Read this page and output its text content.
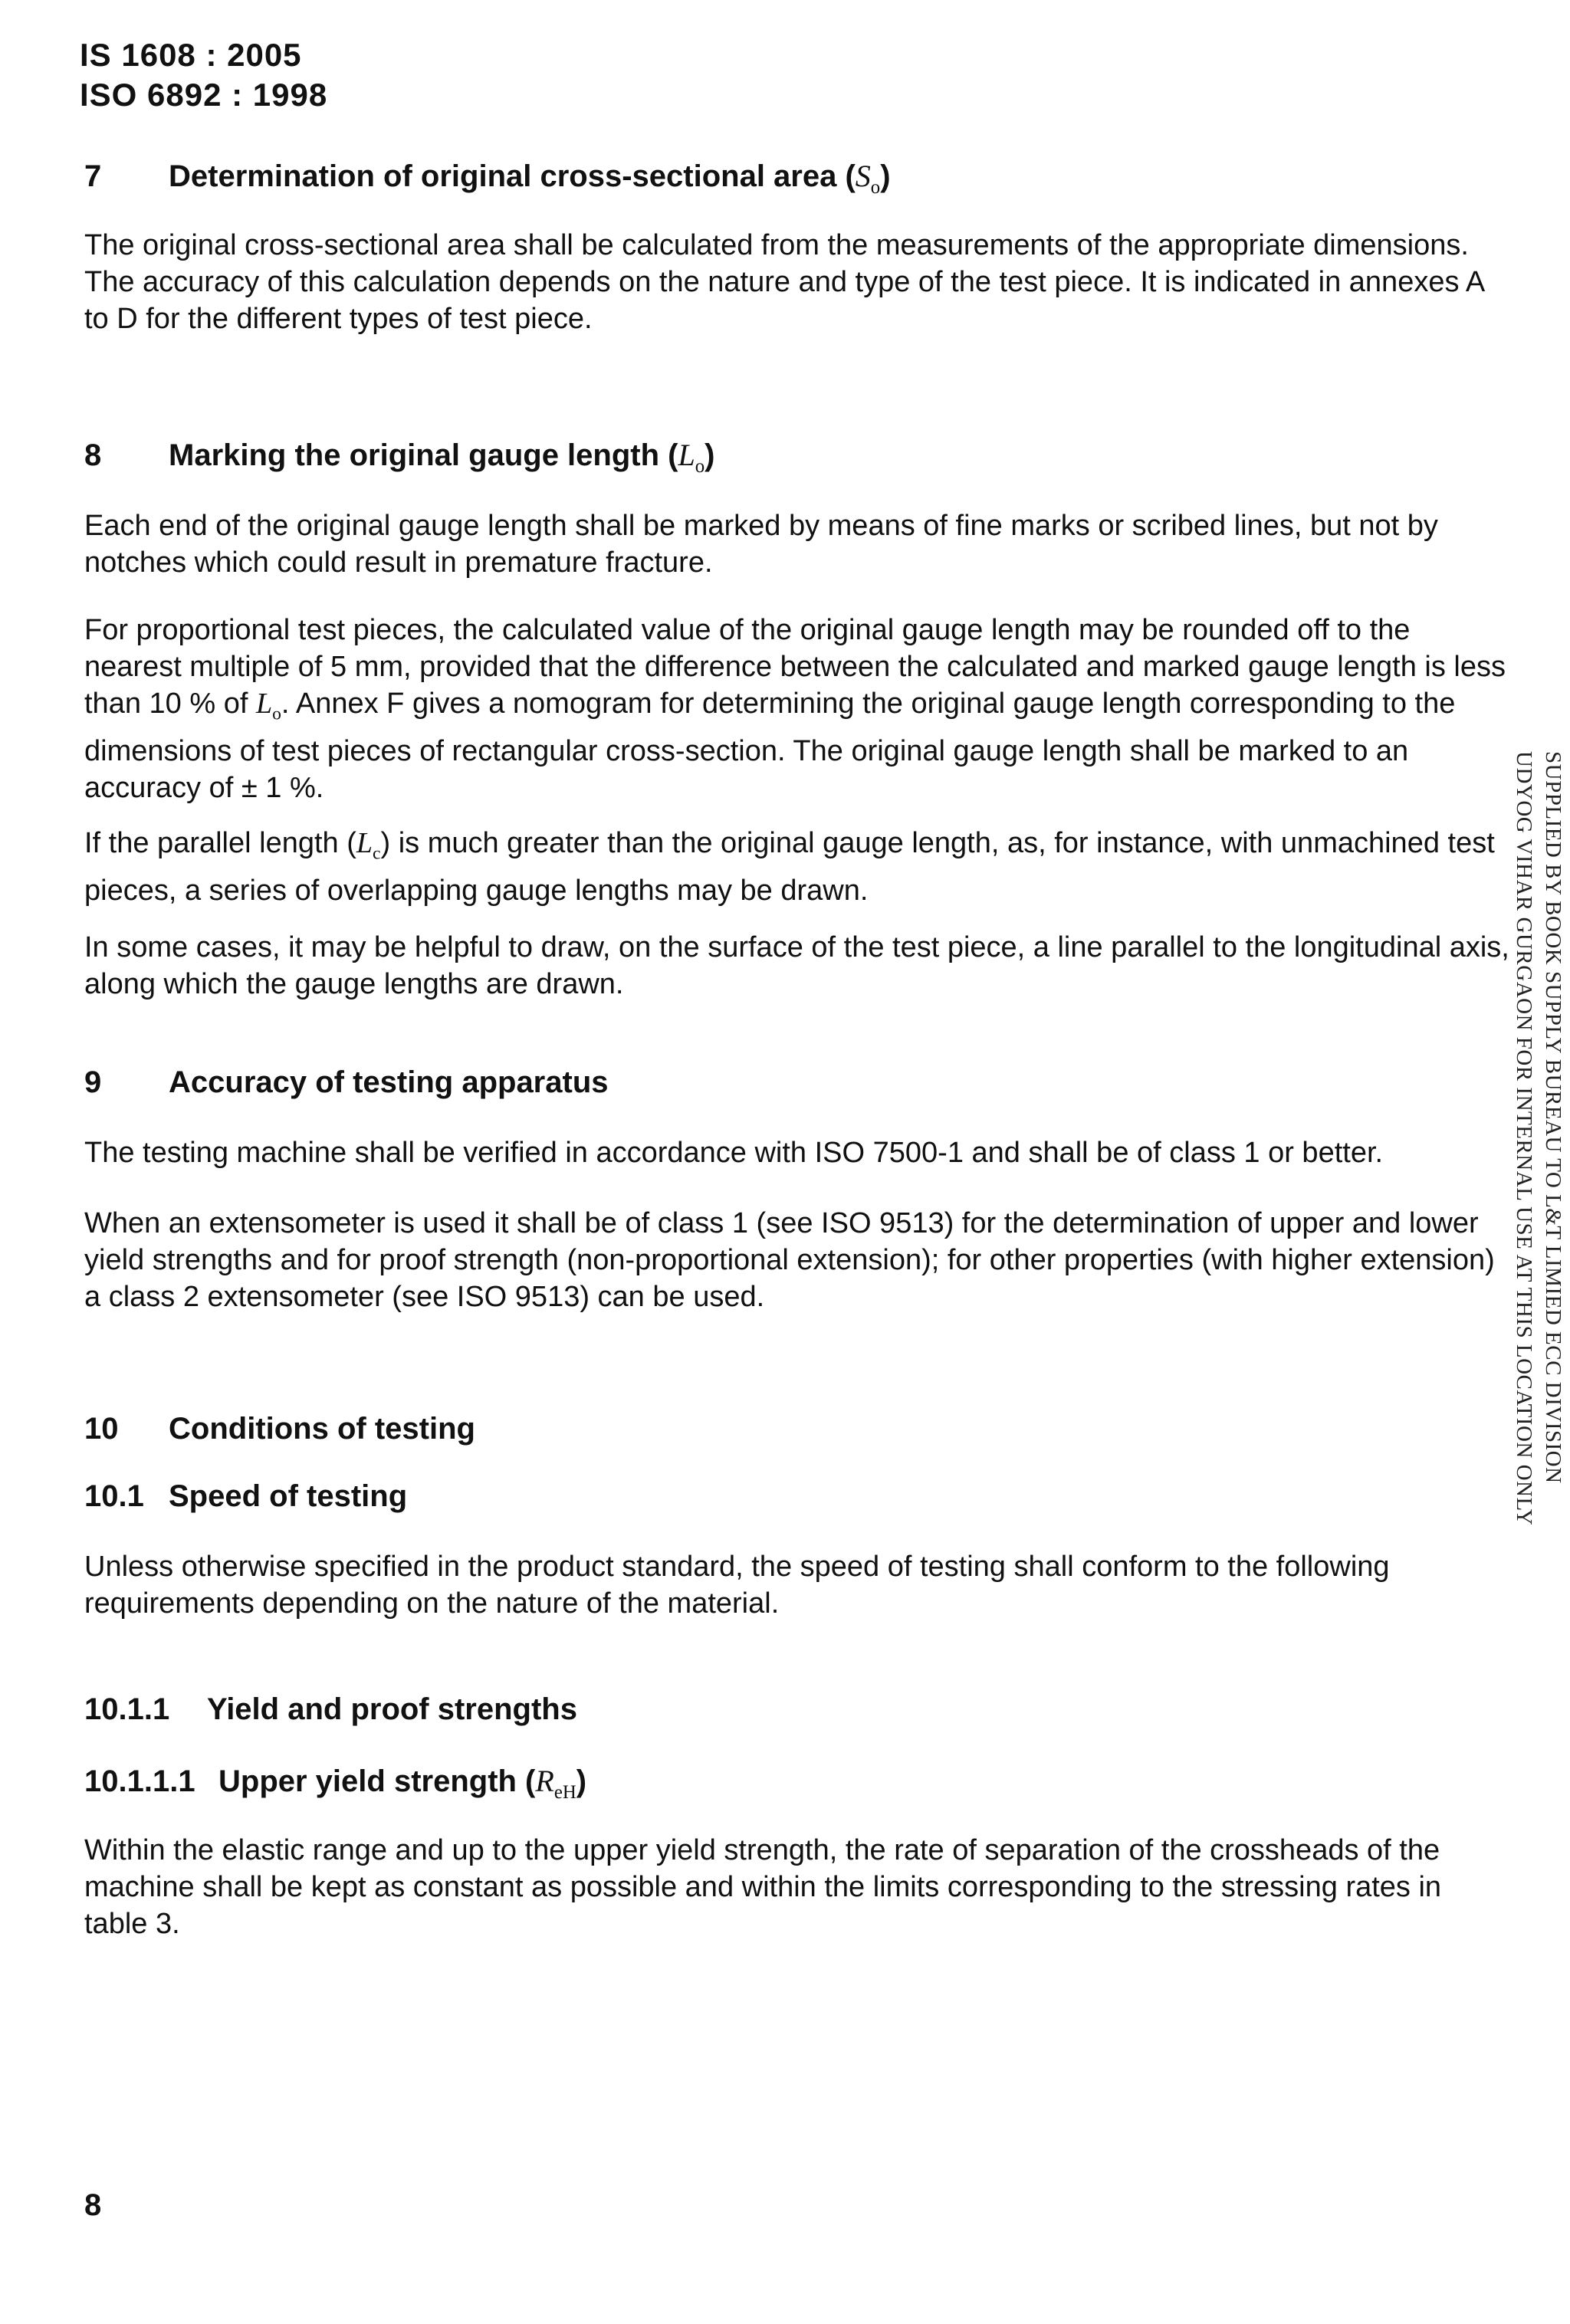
IS 1608 : 2005
ISO 6892 : 1998
7 Determination of original cross-sectional area $(S_o)$
The original cross-sectional area shall be calculated from the measurements of the appropriate dimensions. The accuracy of this calculation depends on the nature and type of the test piece. It is indicated in annexes A to D for the different types of test piece.
8 Marking the original gauge length $(L_o)$
Each end of the original gauge length shall be marked by means of fine marks or scribed lines, but not by notches which could result in premature fracture.
For proportional test pieces, the calculated value of the original gauge length may be rounded off to the nearest multiple of 5 mm, provided that the difference between the calculated and marked gauge length is less than 10 % of $L_o$. Annex F gives a nomogram for determining the original gauge length corresponding to the dimensions of test pieces of rectangular cross-section. The original gauge length shall be marked to an accuracy of ± 1 %.
If the parallel length $(L_c)$ is much greater than the original gauge length, as, for instance, with unmachined test pieces, a series of overlapping gauge lengths may be drawn.
In some cases, it may be helpful to draw, on the surface of the test piece, a line parallel to the longitudinal axis, along which the gauge lengths are drawn.
9 Accuracy of testing apparatus
The testing machine shall be verified in accordance with ISO 7500-1 and shall be of class 1 or better.
When an extensometer is used it shall be of class 1 (see ISO 9513) for the determination of upper and lower yield strengths and for proof strength (non-proportional extension); for other properties (with higher extension) a class 2 extensometer (see ISO 9513) can be used.
10 Conditions of testing
10.1 Speed of testing
Unless otherwise specified in the product standard, the speed of testing shall conform to the following requirements depending on the nature of the material.
10.1.1 Yield and proof strengths
10.1.1.1 Upper yield strength $(R_{eH})$
Within the elastic range and up to the upper yield strength, the rate of separation of the crossheads of the machine shall be kept as constant as possible and within the limits corresponding to the stressing rates in table 3.
SUPPLIED BY BOOK SUPPLY BUREAU TO L&T LIMIED ECC DIVISION
UDYOG VIHAR GURGAON FOR INTERNAL USE AT THIS LOCATION ONLY
8
